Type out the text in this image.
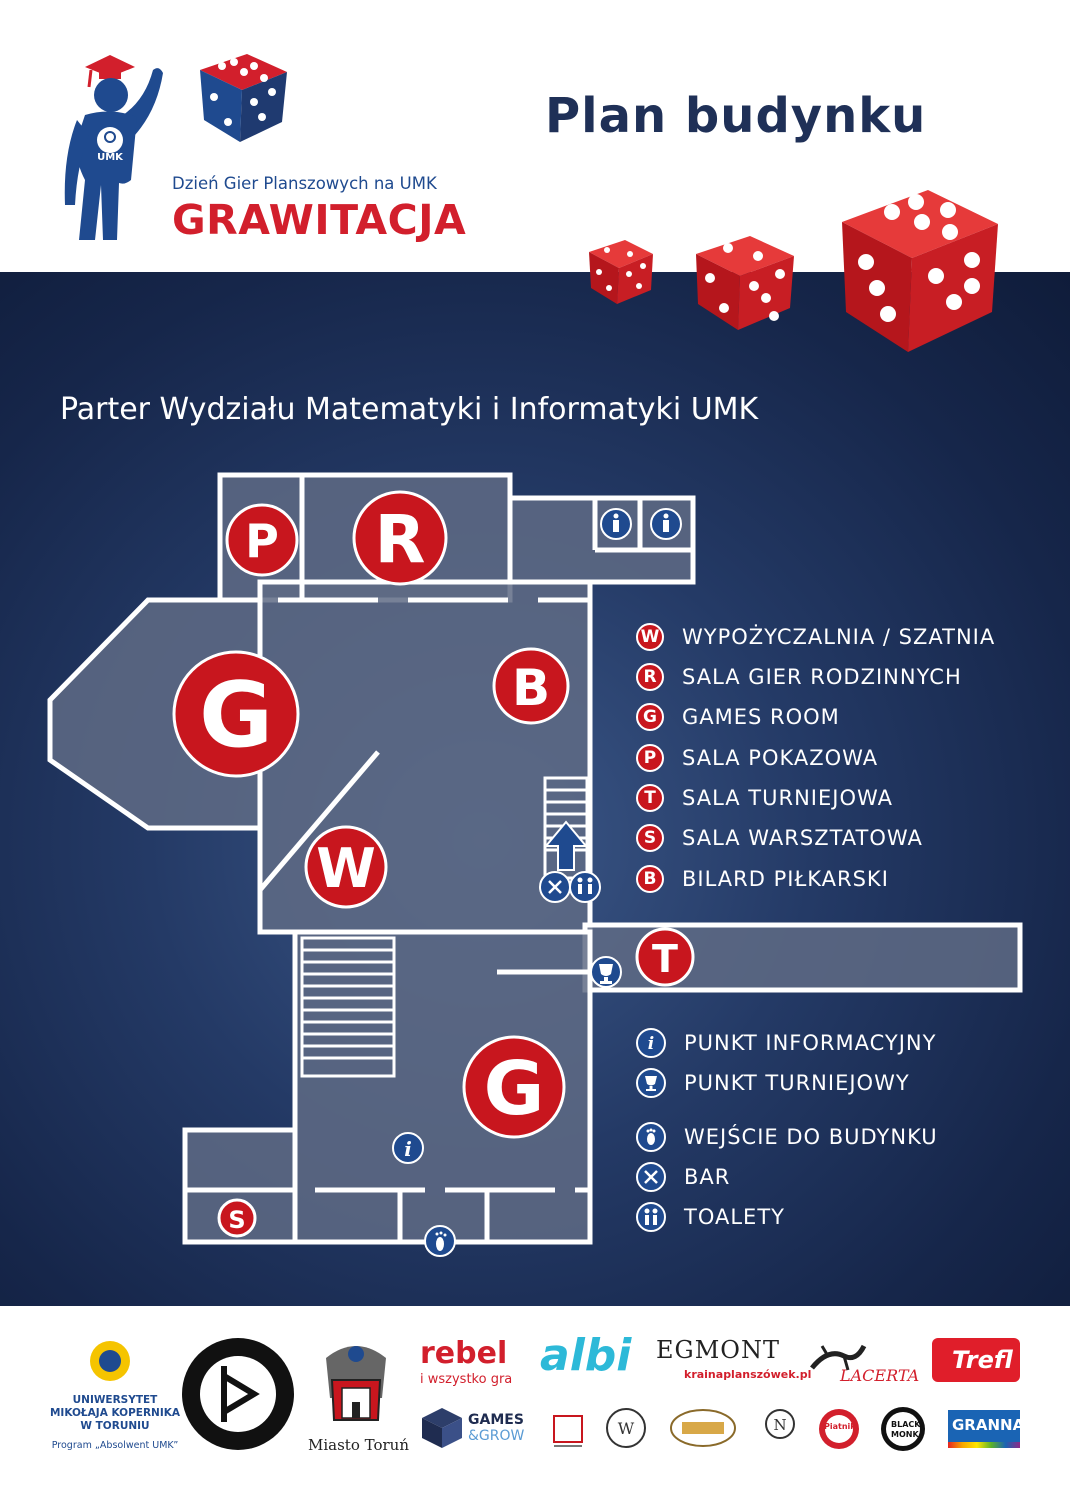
UMK
Dzień Gier Planszowych na UMK
GRAWITACJA
Plan budynku
Parter Wydziału Matematyki i Informatyki UMK
P R
G	B
W
T
G
S
i
W WYPOŻYCZALNIA / SZATNIA
R	SALA GIER RODZINNYCH
G	GAMES ROOM
P	SALA POKAZOWA
T	SALA TURNIEJOWA
S	SALA WARSZTATOWA
B	BILARD PIŁKARSKI
i PUNKT INFORMACYJNY
PUNKT TURNIEJOWY
WEJŚCIE DO BUDYNKU
BAR
TOALETY
UNIWERSYTET
MIKOŁAJA KOPERNIKA
W TORUNIU
Program „Absolwent UMK”	Miasto Toruń
rebel
i wszystko gra albi EGMONT
krainaplanszówek.pl LACERTA
Trefl
GAMES
&GROW	W	N	Piatnik	BLACK
MONK
GRANNA
